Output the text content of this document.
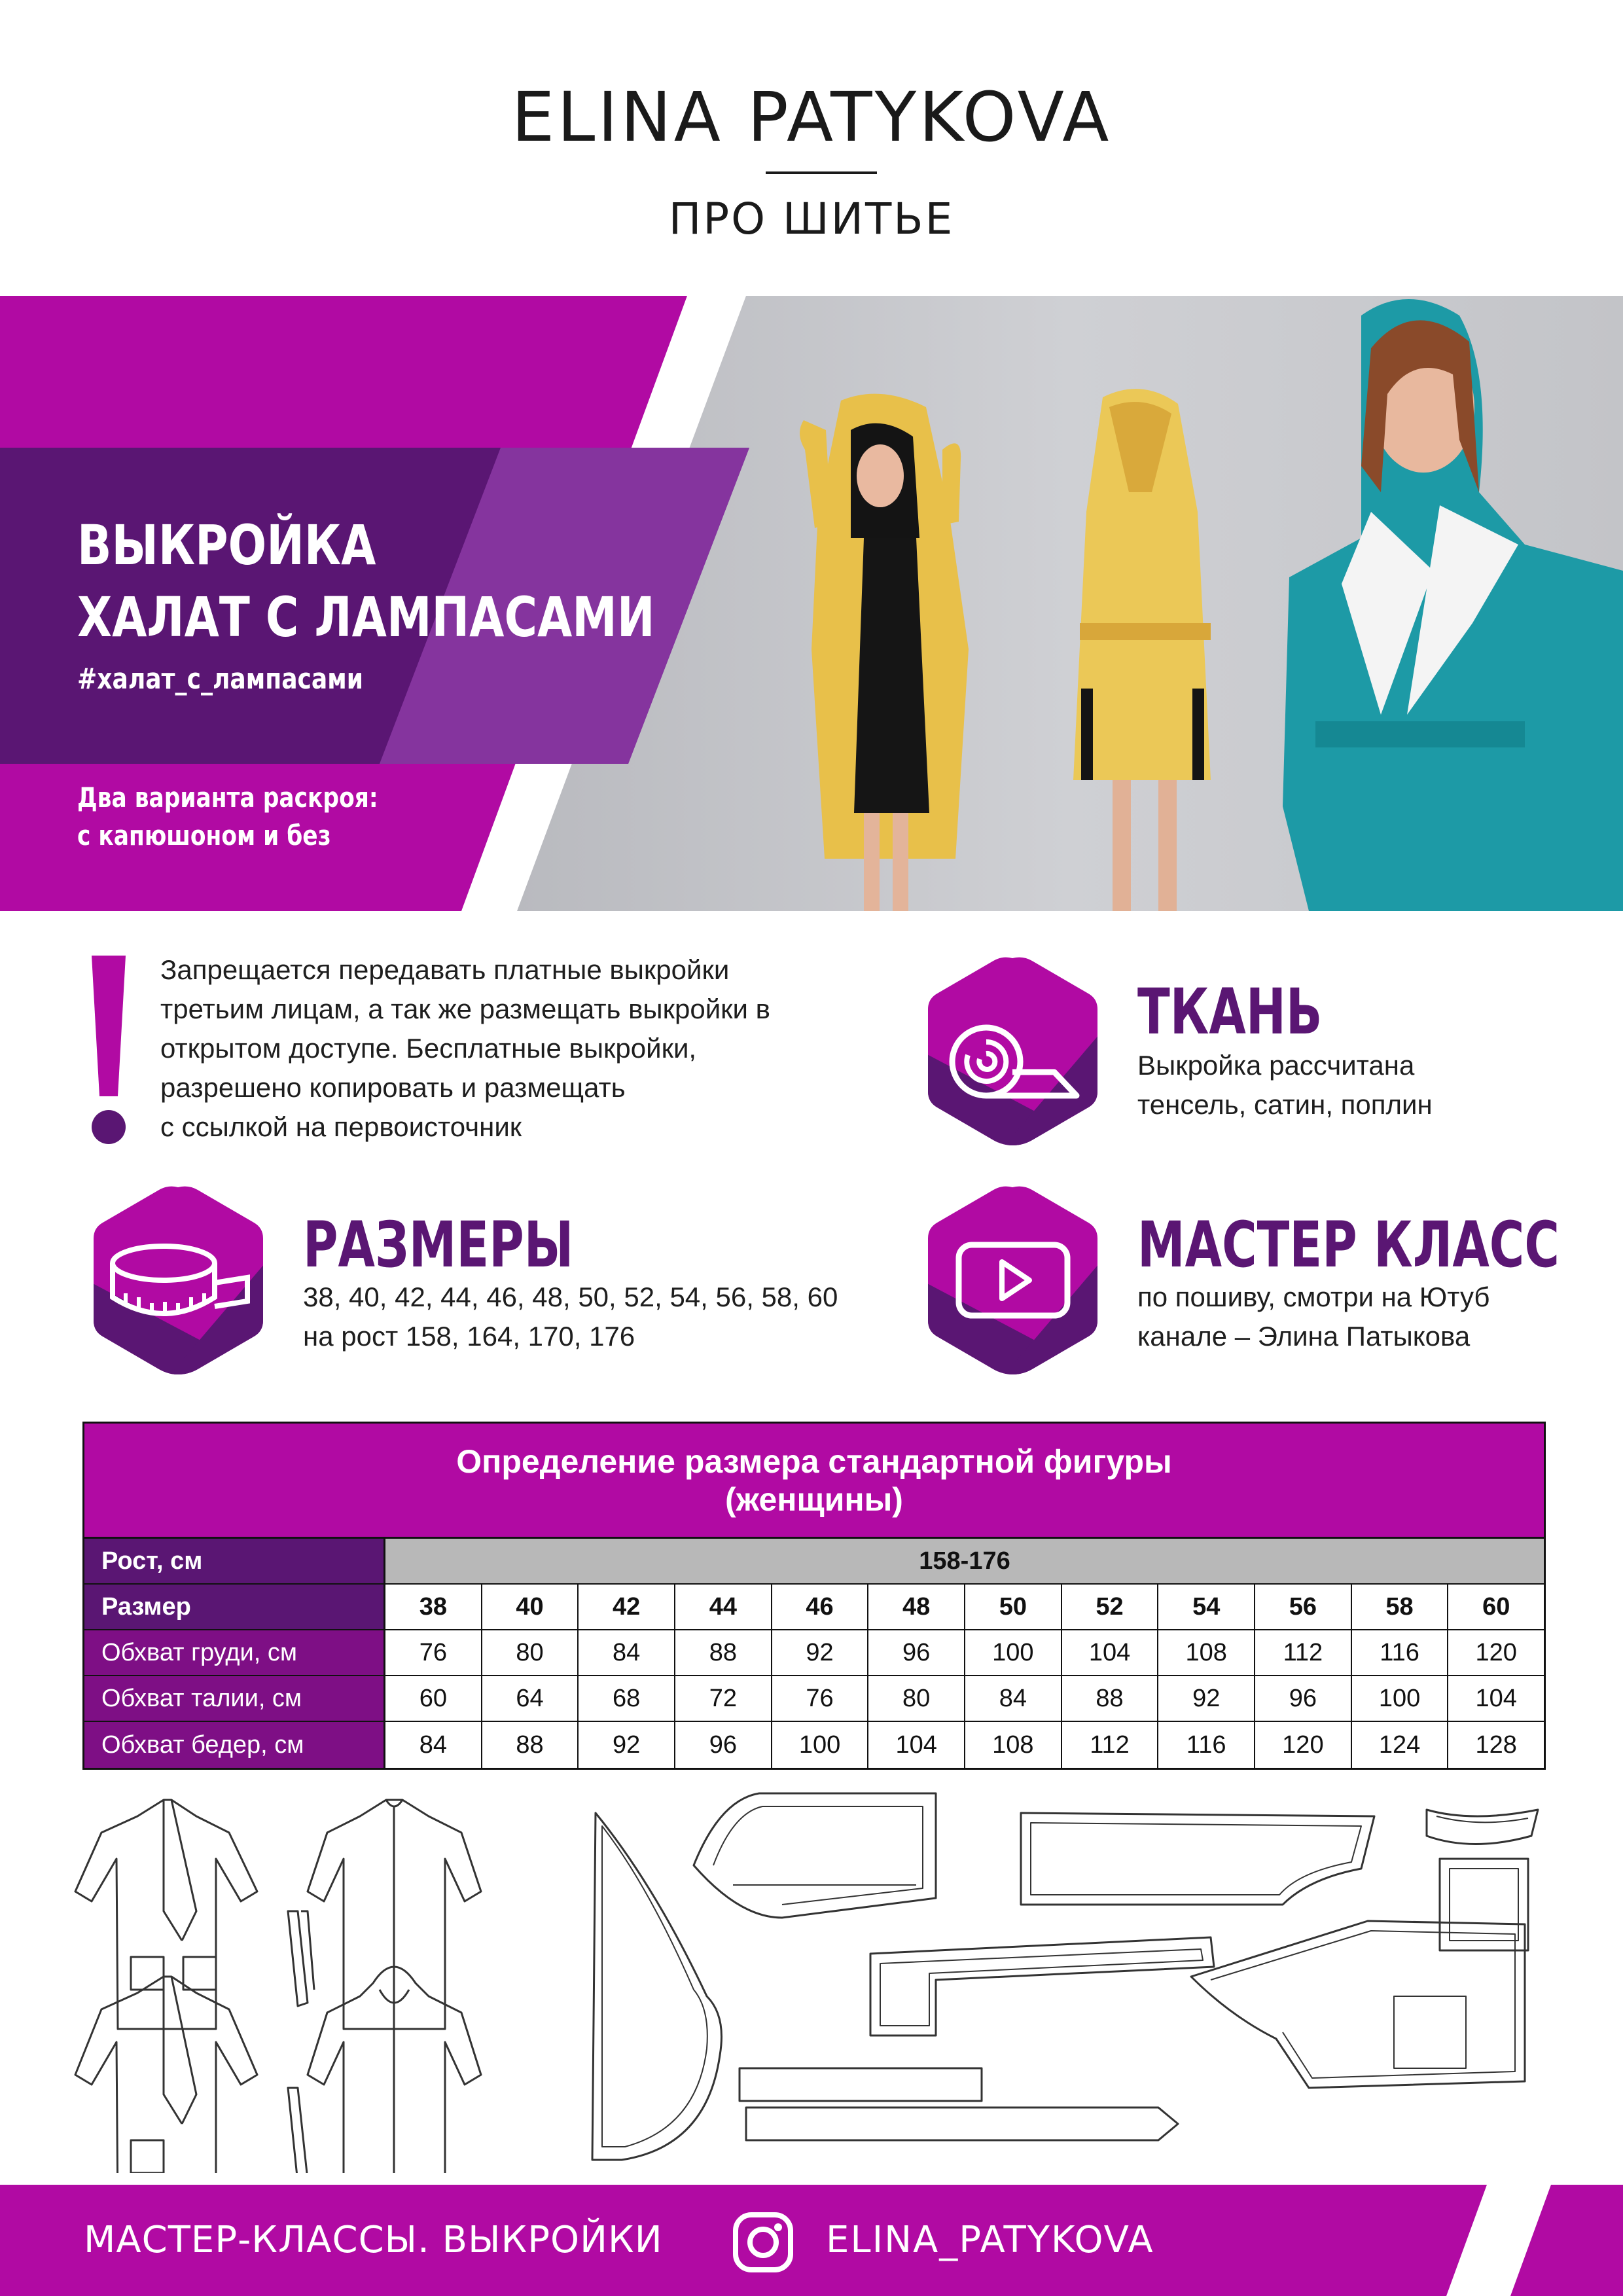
ELINA PATYKOVA
ПРО ШИТЬЕ
ВЫКРОЙКА
ХАЛАТ С ЛАМПАСАМИ
#халат_с_лампасами
Два варианта раскроя:
с капюшоном и без
Запрещается передавать платные выкройки
третьим лицам, а так же размещать выкройки в
открытом доступе. Бесплатные выкройки,
разрешено копировать и размещать
с ссылкой на первоисточник
ТКАНЬ
Выкройка рассчитана
тенсель, сатин, поплин
РАЗМЕРЫ
38, 40, 42, 44, 46, 48, 50, 52, 54, 56, 58, 60
на рост 158, 164, 170, 176
МАСТЕР КЛАСС
по пошиву, смотри на Ютуб
канале – Элина Патыкова
Определение размера стандартной фигуры
(женщины)
Рост, см	158-176
Размер	38	40	42	44	46	48	50	52	54	56	58	60
Обхват груди, см	76	80	84	88	92	96	100	104	108	112	116	120
Обхват талии, см	60	64	68	72	76	80	84	88	92	96	100	104
Обхват бедер, см	84	88	92	96	100	104	108	112	116	120	124	128
МАСТЕР-КЛАССЫ. ВЫКРОЙКИ	ELINA_PATYKOVA
